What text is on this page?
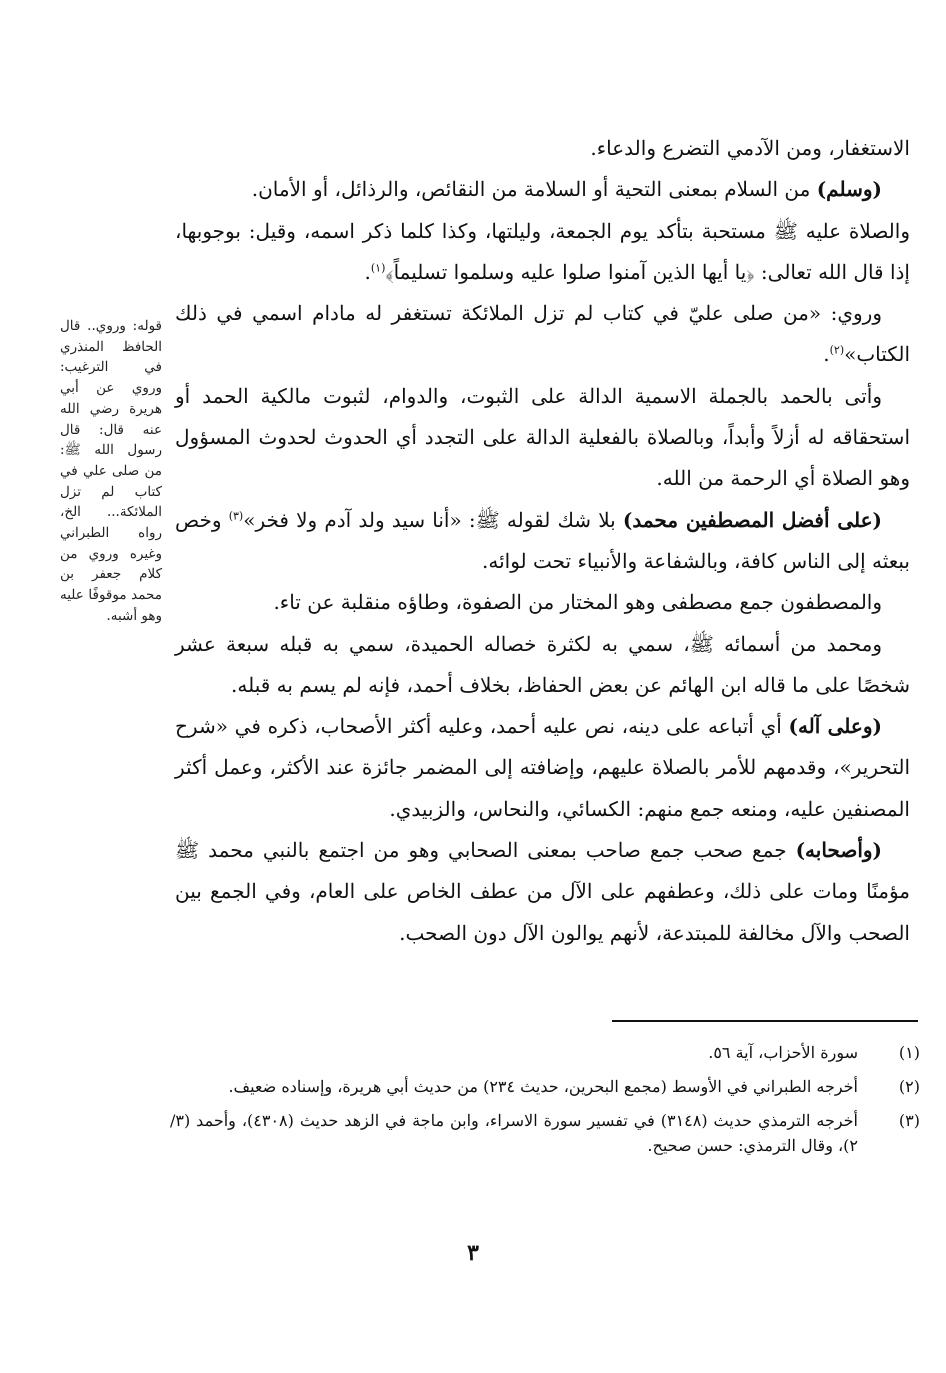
الاستغفار، ومن الآدمي التضرع والدعاء.

(وسلم) من السلام بمعنى التحية أو السلامة من النقائص، والرذائل، أو الأمان.

والصلاة عليه ﷺ مستحبة بتأكد يوم الجمعة، وليلتها، وكذا كلما ذكر اسمه، وقيل: بوجوبها، إذا قال الله تعالى: ﴿يا أيها الذين آمنوا صلوا عليه وسلموا تسليماً﴾$^{(١)}$.

وروي: «من صلى عليّ في كتاب لم تزل الملائكة تستغفر له مادام اسمي في ذلك الكتاب»$^{(٢)}$.

وأتى بالحمد بالجملة الاسمية الدالة على الثبوت، والدوام، لثبوت مالكية الحمد أو استحقاقه له أزلاً وأبداً، وبالصلاة بالفعلية الدالة على التجدد أي الحدوث لحدوث المسؤول وهو الصلاة أي الرحمة من الله.

(على أفضل المصطفين محمد) بلا شك لقوله ﷺ: «أنا سيد ولد آدم ولا فخر»$^{(٣)}$ وخص ببعثه إلى الناس كافة، وبالشفاعة والأنبياء تحت لوائه.

والمصطفون جمع مصطفى وهو المختار من الصفوة، وطاؤه منقلبة عن تاء.

ومحمد من أسمائه ﷺ، سمي به لكثرة خصاله الحميدة، سمي به قبله سبعة عشر شخصًا على ما قاله ابن الهائم عن بعض الحفاظ، بخلاف أحمد، فإنه لم يسم به قبله.

(وعلى آله) أي أتباعه على دينه، نص عليه أحمد، وعليه أكثر الأصحاب، ذكره في «شرح التحرير»، وقدمهم للأمر بالصلاة عليهم، وإضافته إلى المضمر جائزة عند الأكثر، وعمل أكثر المصنفين عليه، ومنعه جمع منهم: الكسائي، والنحاس، والزبيدي.

(وأصحابه) جمع صحب جمع صاحب بمعنى الصحابي وهو من اجتمع بالنبي محمد ﷺ مؤمنًا ومات على ذلك، وعطفهم على الآل من عطف الخاص على العام، وفي الجمع بين الصحب والآل مخالفة للمبتدعة، لأنهم يوالون الآل دون الصحب.

قوله: وروي.. قال الحافظ المنذري في الترغيب: وروي عن أبي هريرة رضي الله عنه قال: قال رسول الله ﷺ: من صلى علي في كتاب لم تزل الملائكة... الخ، رواه الطبراني وغيره وروي من كلام جعفر بن محمد موقوفًا عليه وهو أشبه.

(١)
سورة الأحزاب، آية ٥٦.
(٢)
أخرجه الطبراني في الأوسط (مجمع البحرين، حديث ٢٣٤) من حديث أبي هريرة، وإسناده ضعيف.
(٣)
أخرجه الترمذي حديث (٣١٤٨) في تفسير سورة الاسراء، وابن ماجة في الزهد حديث (٤٣٠٨)، وأحمد (٣/ ٢)، وقال الترمذي: حسن صحيح.
٣
